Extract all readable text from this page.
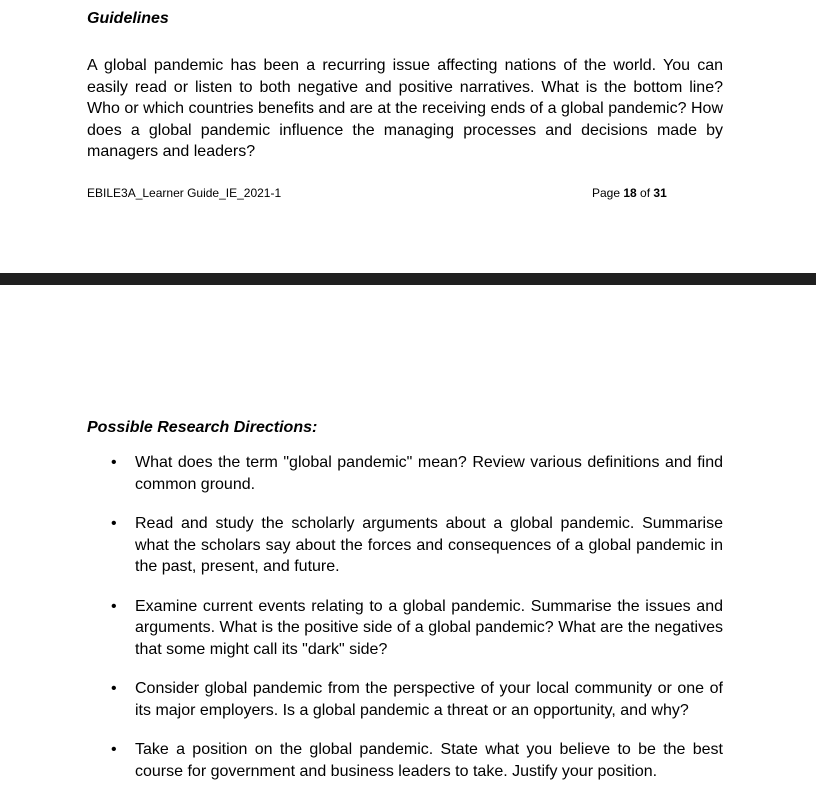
Guidelines

A global pandemic has been a recurring issue affecting nations of the world. You can easily read or listen to both negative and positive narratives. What is the bottom line? Who or which countries benefits and are at the receiving ends of a global pandemic? How does a global pandemic influence the managing processes and decisions made by managers and leaders?

EBILE3A_Learner Guide_IE_2021-1	Page 18 of 31

Possible Research Directions:

• What does the term "global pandemic" mean? Review various definitions and find common ground.
• Read and study the scholarly arguments about a global pandemic. Summarise what the scholars say about the forces and consequences of a global pandemic in the past, present, and future.
• Examine current events relating to a global pandemic. Summarise the issues and arguments. What is the positive side of a global pandemic? What are the negatives that some might call its "dark" side?
• Consider global pandemic from the perspective of your local community or one of its major employers. Is a global pandemic a threat or an opportunity, and why?
• Take a position on the global pandemic. State what you believe to be the best course for government and business leaders to take. Justify your position.
